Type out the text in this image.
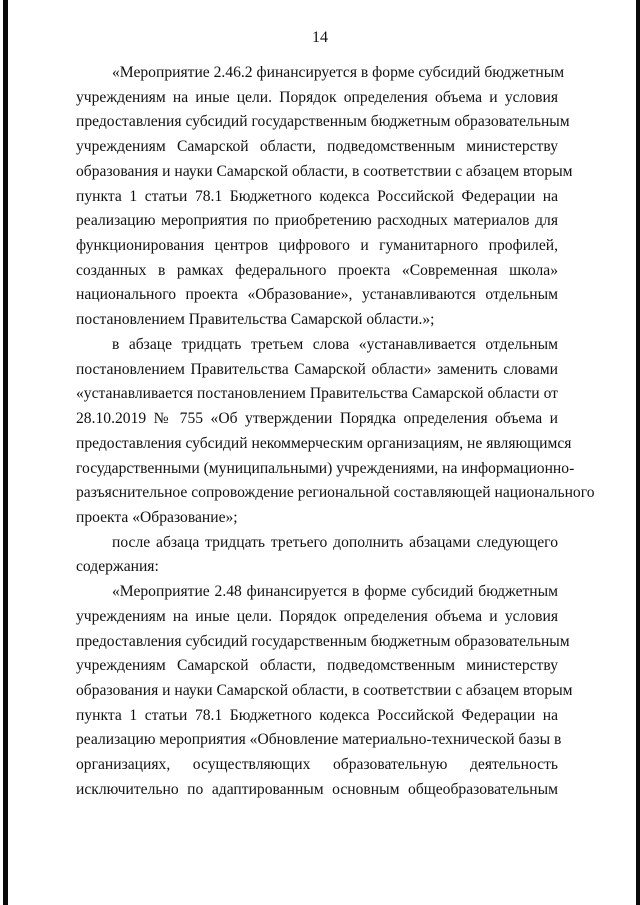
14
«Мероприятие 2.46.2 финансируется в форме субсидий бюджетным
учреждениям на иные цели. Порядок определения объема и условия
предоставления субсидий государственным бюджетным образовательным
учреждениям Самарской области, подведомственным министерству
образования и науки Самарской области, в соответствии с абзацем вторым
пункта 1 статьи 78.1 Бюджетного кодекса Российской Федерации на
реализацию мероприятия по приобретению расходных материалов для
функционирования центров цифрового и гуманитарного профилей,
созданных в рамках федерального проекта «Современная школа»
национального проекта «Образование», устанавливаются отдельным
постановлением Правительства Самарской области.»;
в абзаце тридцать третьем слова «устанавливается отдельным
постановлением Правительства Самарской области» заменить словами
«устанавливается постановлением Правительства Самарской области от
28.10.2019 № 755 «Об утверждении Порядка определения объема и
предоставления субсидий некоммерческим организациям, не являющимся
государственными (муниципальными) учреждениями, на информационно-
разъяснительное сопровождение региональной составляющей национального
проекта «Образование»;
после абзаца тридцать третьего дополнить абзацами следующего
содержания:
«Мероприятие 2.48 финансируется в форме субсидий бюджетным
учреждениям на иные цели. Порядок определения объема и условия
предоставления субсидий государственным бюджетным образовательным
учреждениям Самарской области, подведомственным министерству
образования и науки Самарской области, в соответствии с абзацем вторым
пункта 1 статьи 78.1 Бюджетного кодекса Российской Федерации на
реализацию мероприятия «Обновление материально-технической базы в
организациях, осуществляющих образовательную деятельность
исключительно по адаптированным основным общеобразовательным
